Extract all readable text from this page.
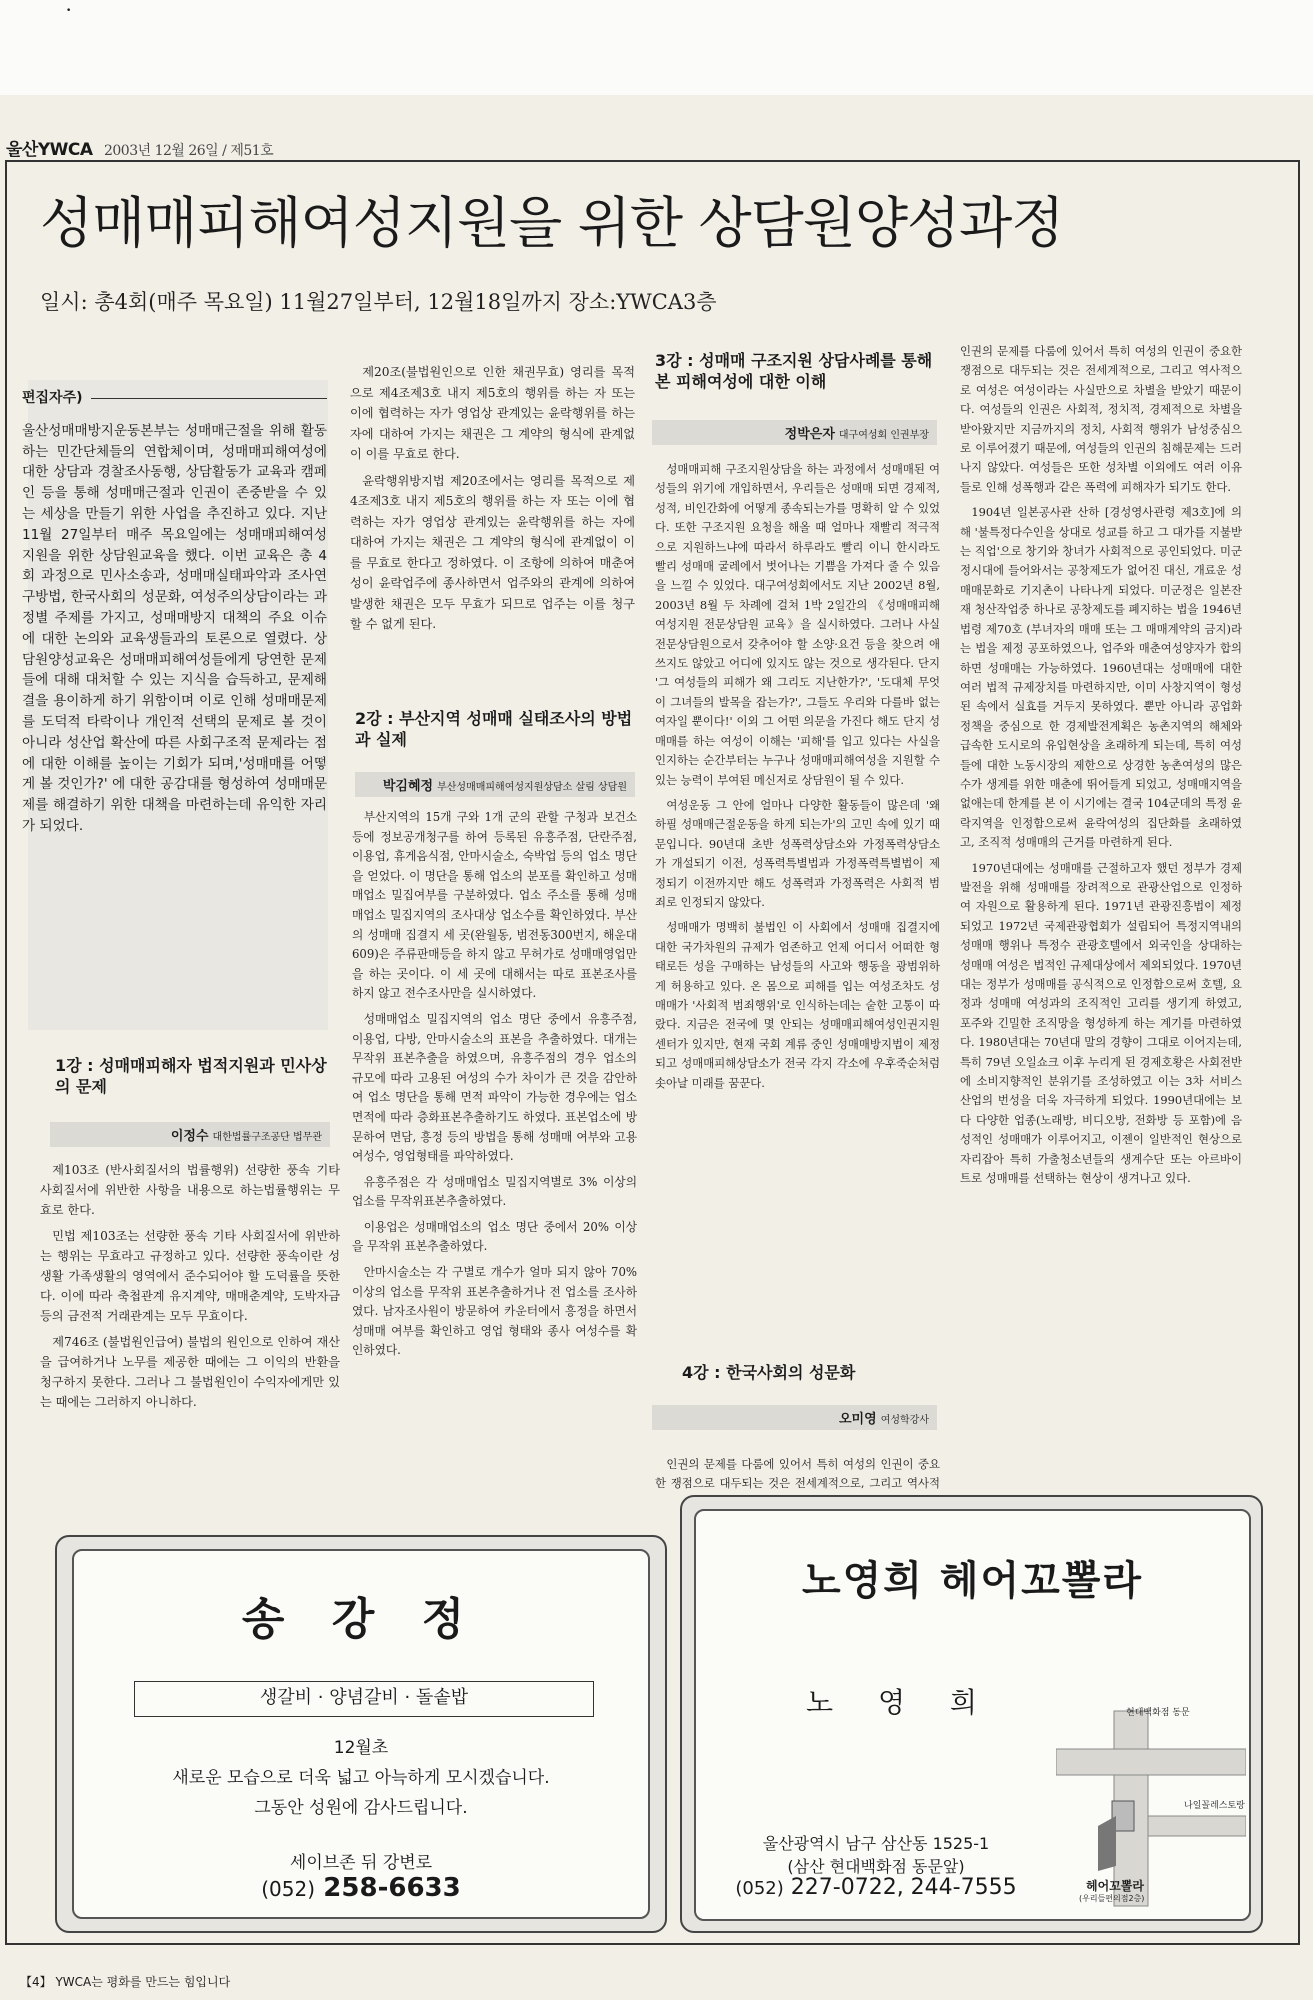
•
울산YWCA 2003년 12월 26일 / 제51호
성매매피해여성지원을 위한 상담원양성과정
일시: 총4회(매주 목요일) 11월27일부터, 12월18일까지 장소:YWCA3층
편집자주)
울산성매매방지운동본부는 성매매근절을 위해 활동하는 민간단체들의 연합체이며, 성매매피해여성에 대한 상담과 경찰조사동행, 상담활동가 교육과 캠페인 등을 통해 성매매근절과 인권이 존중받을 수 있는 세상을 만들기 위한 사업을 추진하고 있다. 지난 11월 27일부터 매주 목요일에는 성매매피해여성 지원을 위한 상담원교육을 했다. 이번 교육은 총 4회 과정으로 민사소송과, 성매매실태파악과 조사연구방법, 한국사회의 성문화, 여성주의상담이라는 과정별 주제를 가지고, 성매매방지 대책의 주요 이슈에 대한 논의와 교육생들과의 토론으로 열렸다. 상담원양성교육은 성매매피해여성들에게 당연한 문제들에 대해 대처할 수 있는 지식을 습득하고, 문제해결을 용이하게 하기 위함이며 이로 인해 성매매문제를 도덕적 타락이나 개인적 선택의 문제로 볼 것이 아니라 성산업 확산에 따른 사회구조적 문제라는 점에 대한 이해를 높이는 기회가 되며,'성매매를 어떻게 볼 것인가?' 에 대한 공감대를 형성하여 성매매문제를 해결하기 위한 대책을 마련하는데 유익한 자리가 되었다.
1강 : 성매매피해자 법적지원과 민사상의 문제
이정수 대한법률구조공단 법무관

제103조 (반사회질서의 법률행위) 선량한 풍속 기타 사회질서에 위반한 사항을 내용으로 하는법률행위는 무효로 한다.

민법 제103조는 선량한 풍속 기타 사회질서에 위반하는 행위는 무효라고 규정하고 있다. 선량한 풍속이란 성생활 가족생활의 영역에서 준수되어야 할 도덕률을 뜻한다. 이에 따라 축첩관계 유지계약, 매매춘계약, 도박자금 등의 금전적 거래관계는 모두 무효이다.

제746조 (불법원인급여) 불법의 원인으로 인하여 재산을 급여하거나 노무를 제공한 때에는 그 이익의 반환을 청구하지 못한다. 그러나 그 불법원인이 수익자에게만 있는 때에는 그러하지 아니하다.

제20조(불법원인으로 인한 채권무효) 영리를 목적으로 제4조제3호 내지 제5호의 행위를 하는 자 또는 이에 협력하는 자가 영업상 관계있는 윤락행위를 하는 자에 대하여 가지는 채권은 그 계약의 형식에 관계없이 이를 무효로 한다.

윤락행위방지법 제20조에서는 영리를 목적으로 제4조제3호 내지 제5호의 행위를 하는 자 또는 이에 협력하는 자가 영업상 관계있는 윤락행위를 하는 자에 대하여 가지는 채권은 그 계약의 형식에 관계없이 이를 무효로 한다고 정하였다. 이 조항에 의하여 매춘여성이 윤락업주에 종사하면서 업주와의 관계에 의하여 발생한 채권은 모두 무효가 되므로 업주는 이를 청구할 수 없게 된다.

2강 : 부산지역 성매매 실태조사의 방법과 실제
박김혜정 부산성매매피해여성지원상담소 살림 상담원

부산지역의 15개 구와 1개 군의 관할 구청과 보건소 등에 정보공개청구를 하여 등록된 유흥주점, 단란주점, 이용업, 휴게음식점, 안마시술소, 숙박업 등의 업소 명단을 얻었다. 이 명단을 통해 업소의 분포를 확인하고 성매매업소 밀집여부를 구분하였다. 업소 주소를 통해 성매매업소 밀집지역의 조사대상 업소수를 확인하였다. 부산의 성매매 집결지 세 곳(완월동, 범전동300번지, 해운대609)은 주류판매등을 하지 않고 무허가로 성매매영업만을 하는 곳이다. 이 세 곳에 대해서는 따로 표본조사를 하지 않고 전수조사만을 실시하였다.

성매매업소 밀집지역의 업소 명단 중에서 유흥주점, 이용업, 다방, 안마시술소의 표본을 추출하였다. 대개는 무작위 표본추출을 하였으며, 유흥주점의 경우 업소의 규모에 따라 고용된 여성의 수가 차이가 큰 것을 감안하여 업소 명단을 통해 면적 파악이 가능한 경우에는 업소 면적에 따라 층화표본추출하기도 하였다. 표본업소에 방문하여 면담, 흥정 등의 방법을 통해 성매매 여부와 고용 여성수, 영업형태를 파악하였다.

유흥주점은 각 성매매업소 밀집지역별로 3% 이상의 업소를 무작위표본추출하였다.

이용업은 성매매업소의 업소 명단 중에서 20% 이상을 무작위 표본추출하였다.

안마시술소는 각 구별로 개수가 얼마 되지 않아 70% 이상의 업소를 무작위 표본추출하거나 전 업소를 조사하였다. 남자조사원이 방문하여 카운터에서 흥정을 하면서 성매매 여부를 확인하고 영업 형태와 종사 여성수를 확인하였다.

3강 : 성매매 구조지원 상담사례를 통해 본 피해여성에 대한 이해
정박은자 대구여성회 인권부장

성매매피해 구조지원상담을 하는 과정에서 성매매된 여성들의 위기에 개입하면서, 우리들은 성매매 되면 경제적, 성적, 비인간화에 어떻게 종속되는가를 명확히 알 수 있었다. 또한 구조지원 요청을 해올 때 얼마나 재빨리 적극적으로 지원하느냐에 따라서 하루라도 빨리 이니 한시라도 빨리 성매매 굴레에서 벗어나는 기쁨을 가져다 줄 수 있음을 느낄 수 있었다. 대구여성회에서도 지난 2002년 8월, 2003년 8월 두 차례에 걸쳐 1박 2일간의 《성매매피해여성지원 전문상담원 교육》을 실시하였다. 그러나 사실 전문상담원으로서 갖추어야 할 소양·요건 등을 찾으려 애쓰지도 않았고 어디에 있지도 않는 것으로 생각된다. 단지 '그 여성들의 피해가 왜 그리도 지난한가?', '도대체 무엇이 그녀들의 발목을 잡는가?', 그들도 우리와 다를바 없는 여자일 뿐이다!' 이외 그 어떤 의문을 가진다 해도 단지 성매매를 하는 여성이 이해는 '피해'를 입고 있다는 사실을 인지하는 순간부터는 누구나 성매매피해여성을 지원할 수 있는 능력이 부여된 메신저로 상담원이 될 수 있다.

여성운동 그 안에 얼마나 다양한 활동들이 많은데 '왜 하필 성매매근절운동을 하게 되는가'의 고민 속에 있기 때문입니다. 90년대 초반 성폭력상담소와 가정폭력상담소가 개설되기 이전, 성폭력특별법과 가정폭력특별법이 제정되기 이전까지만 해도 성폭력과 가정폭력은 사회적 범죄로 인정되지 않았다.

성매매가 명백히 불법인 이 사회에서 성매매 집결지에 대한 국가차원의 규제가 엄존하고 언제 어디서 어떠한 형태로든 성을 구매하는 남성들의 사고와 행동을 광범위하게 허용하고 있다. 온 몸으로 피해를 입는 여성조차도 성매매가 '사회적 범죄행위'로 인식하는데는 숱한 고통이 따랐다. 지금은 전국에 몇 안되는 성매매피해여성인권지원센터가 있지만, 현재 국회 계류 중인 성매매방지법이 제정되고 성매매피해상담소가 전국 각지 각소에 우후죽순처럼 솟아날 미래를 꿈꾼다.

4강 : 한국사회의 성문화
오미영 여성학강사

인권의 문제를 다룸에 있어서 특히 여성의 인권이 중요한 쟁점으로 대두되는 것은 전세계적으로, 그리고 역사적

인권의 문제를 다룸에 있어서 특히 여성의 인권이 중요한 쟁점으로 대두되는 것은 전세계적으로, 그리고 역사적으로 여성은 여성이라는 사실만으로 차별을 받았기 때문이다. 여성들의 인권은 사회적, 정치적, 경제적으로 차별을 받아왔지만 지금까지의 정치, 사회적 행위가 남성중심으로 이루어졌기 때문에, 여성들의 인권의 침해문제는 드러나지 않았다. 여성들은 또한 성차별 이외에도 여러 이유들로 인해 성폭행과 같은 폭력에 피해자가 되기도 한다.

1904년 일본공사관 산하 [경성영사관령 제3호]에 의해 '불특정다수인을 상대로 성교를 하고 그 대가를 지불받는 직업'으로 창기와 창녀가 사회적으로 공인되었다. 미군정시대에 들어와서는 공창제도가 없어진 대신, 개료운 성매매문화로 기지촌이 나타나게 되었다. 미군정은 일본잔재 청산작업중 하나로 공창제도를 폐지하는 법을 1946년 법령 제70호 (부녀자의 매매 또는 그 매매계약의 금지)라는 법을 제정 공포하였으나, 업주와 매춘여성양자가 합의하면 성매매는 가능하였다. 1960년대는 성매매에 대한 여러 법적 규제장치를 마련하지만, 이미 사창지역이 형성된 속에서 실효를 거두지 못하였다. 뿐만 아니라 공업화 정책을 중심으로 한 경제발전계획은 농촌지역의 해체와 급속한 도시로의 유입현상을 초래하게 되는데, 특히 여성들에 대한 노동시장의 제한으로 상경한 농촌여성의 많은 수가 생계를 위한 매춘에 뛰어들게 되었고, 성매매지역을 없애는데 한계를 본 이 시기에는 결국 104군데의 특정 윤락지역을 인정함으로써 윤락여성의 집단화를 초래하였고, 조직적 성매매의 근거를 마련하게 된다.

1970년대에는 성매매를 근절하고자 했던 정부가 경제발전을 위해 성매매를 장려적으로 관광산업으로 인정하여 자원으로 활용하게 된다. 1971년 관광진흥법이 제정되었고 1972년 국제관광협회가 설립되어 특정지역내의 성매매 행위나 특정수 관광호텔에서 외국인을 상대하는 성매매 여성은 법적인 규제대상에서 제외되었다. 1970년대는 정부가 성매매를 공식적으로 인정함으로써 호텔, 요정과 성매매 여성과의 조직적인 고리를 생기게 하였고, 포주와 긴밀한 조직망을 형성하게 하는 계기를 마련하였다. 1980년대는 70년대 말의 경향이 그대로 이어지는데, 특히 79년 오일쇼크 이후 누리게 된 경제호황은 사회전반에 소비지향적인 분위기를 조성하였고 이는 3차 서비스 산업의 번성을 더욱 자극하게 되었다. 1990년대에는 보다 다양한 업종(노래방, 비디오방, 전화방 등 포함)에 음성적인 성매매가 이루어지고, 이젠이 일반적인 현상으로 자리잡아 특히 가출청소년들의 생계수단 또는 아르바이트로 성매매를 선택하는 현상이 생겨나고 있다.

송 강 정
생갈비 · 양념갈비 · 돌솥밥
12월초
새로운 모습으로 더욱 넓고 아늑하게 모시겠습니다.
그동안 성원에 감사드립니다.
세이브존 뒤 강변로
(052) 258-6633
노영희 헤어꼬뽈라
노 영 희
울산광역시 남구 삼산동 1525-1
(삼산 현대백화점 동문앞)
(052) 227-0722, 244-7555
현대백화점 동문
나일꼴레스토랑
헤어꼬뽈라
(우리들편의점2층)
【4】 YWCA는 평화를 만드는 힘입니다
